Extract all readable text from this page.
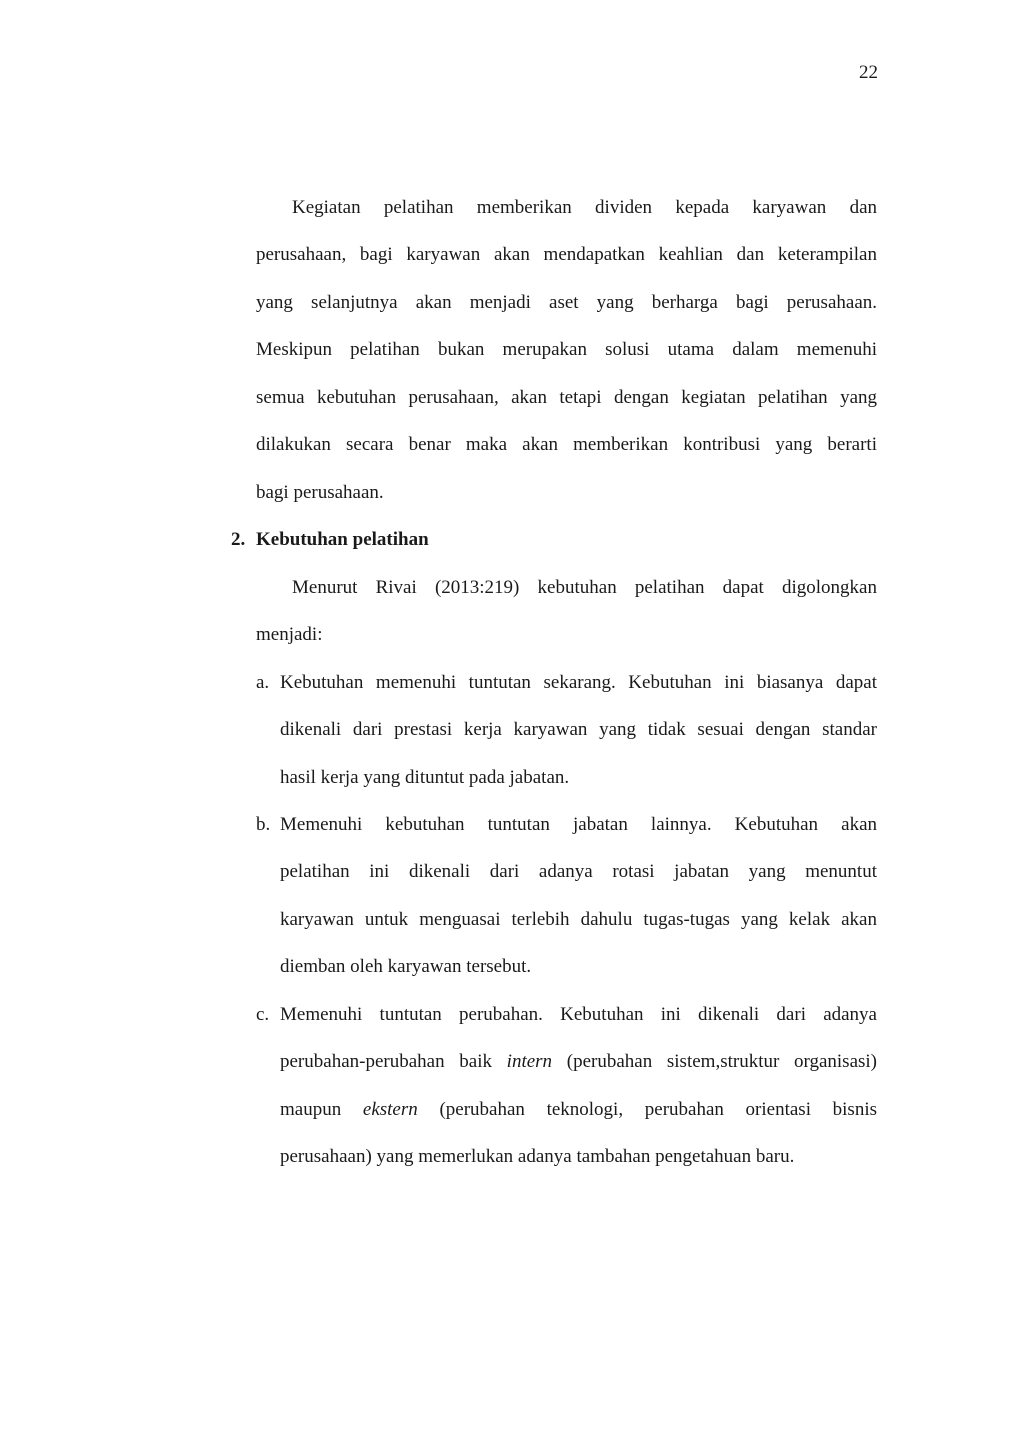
22
Kegiatan pelatihan memberikan dividen kepada karyawan dan
perusahaan, bagi karyawan akan mendapatkan keahlian dan keterampilan
yang selanjutnya akan menjadi aset yang berharga bagi perusahaan.
Meskipun pelatihan bukan merupakan solusi utama dalam memenuhi
semua kebutuhan perusahaan, akan tetapi dengan kegiatan pelatihan yang
dilakukan secara benar maka akan memberikan kontribusi yang berarti
bagi perusahaan.
2. Kebutuhan pelatihan
Menurut Rivai (2013:219) kebutuhan pelatihan dapat digolongkan
menjadi:
a. Kebutuhan memenuhi tuntutan sekarang. Kebutuhan ini biasanya dapat
dikenali dari prestasi kerja karyawan yang tidak sesuai dengan standar
hasil kerja yang dituntut pada jabatan.
b. Memenuhi kebutuhan tuntutan jabatan lainnya. Kebutuhan akan
pelatihan ini dikenali dari adanya rotasi jabatan yang menuntut
karyawan untuk menguasai terlebih dahulu tugas-tugas yang kelak akan
diemban oleh karyawan tersebut.
c. Memenuhi tuntutan perubahan. Kebutuhan ini dikenali dari adanya
perubahan-perubahan baik intern (perubahan sistem,struktur organisasi)
maupun ekstern (perubahan teknologi, perubahan orientasi bisnis
perusahaan) yang memerlukan adanya tambahan pengetahuan baru.
